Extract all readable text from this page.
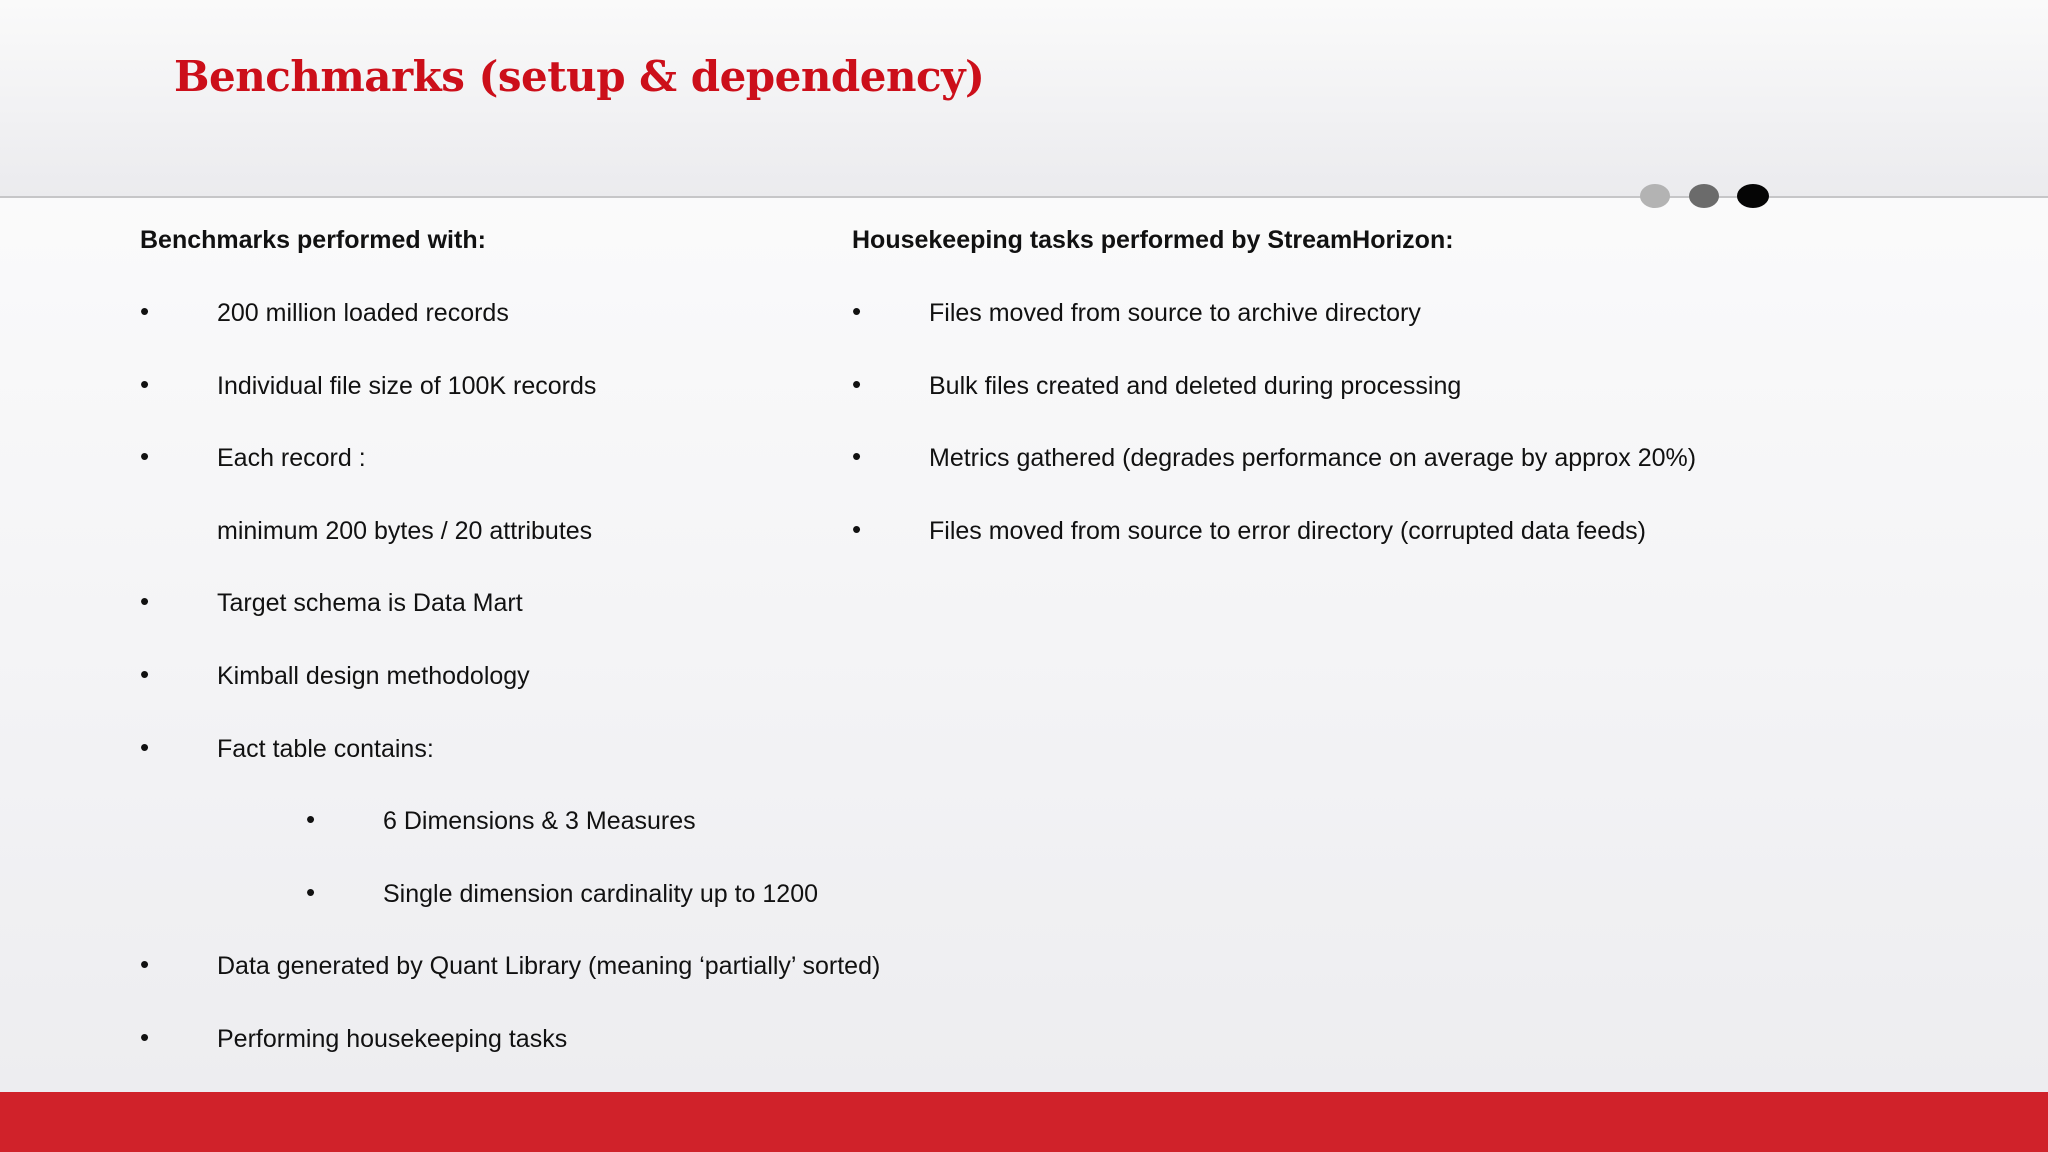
Benchmarks (setup & dependency)
Benchmarks performed with:
•	200 million loaded records
•	Individual file size of 100K records
•	Each record :
minimum 200 bytes / 20 attributes
•	Target schema is Data Mart
•	Kimball design methodology
•	Fact table contains:
•	6 Dimensions & 3 Measures
•	Single dimension cardinality up to 1200
•	Data generated by Quant Library (meaning ‘partially’ sorted)
•	Performing housekeeping tasks
Housekeeping tasks performed by StreamHorizon:
•	Files moved from source to archive directory
•	Bulk files created and deleted during processing
•	Metrics gathered (degrades performance on average by approx 20%)
•	Files moved from source to error directory (corrupted data feeds)
